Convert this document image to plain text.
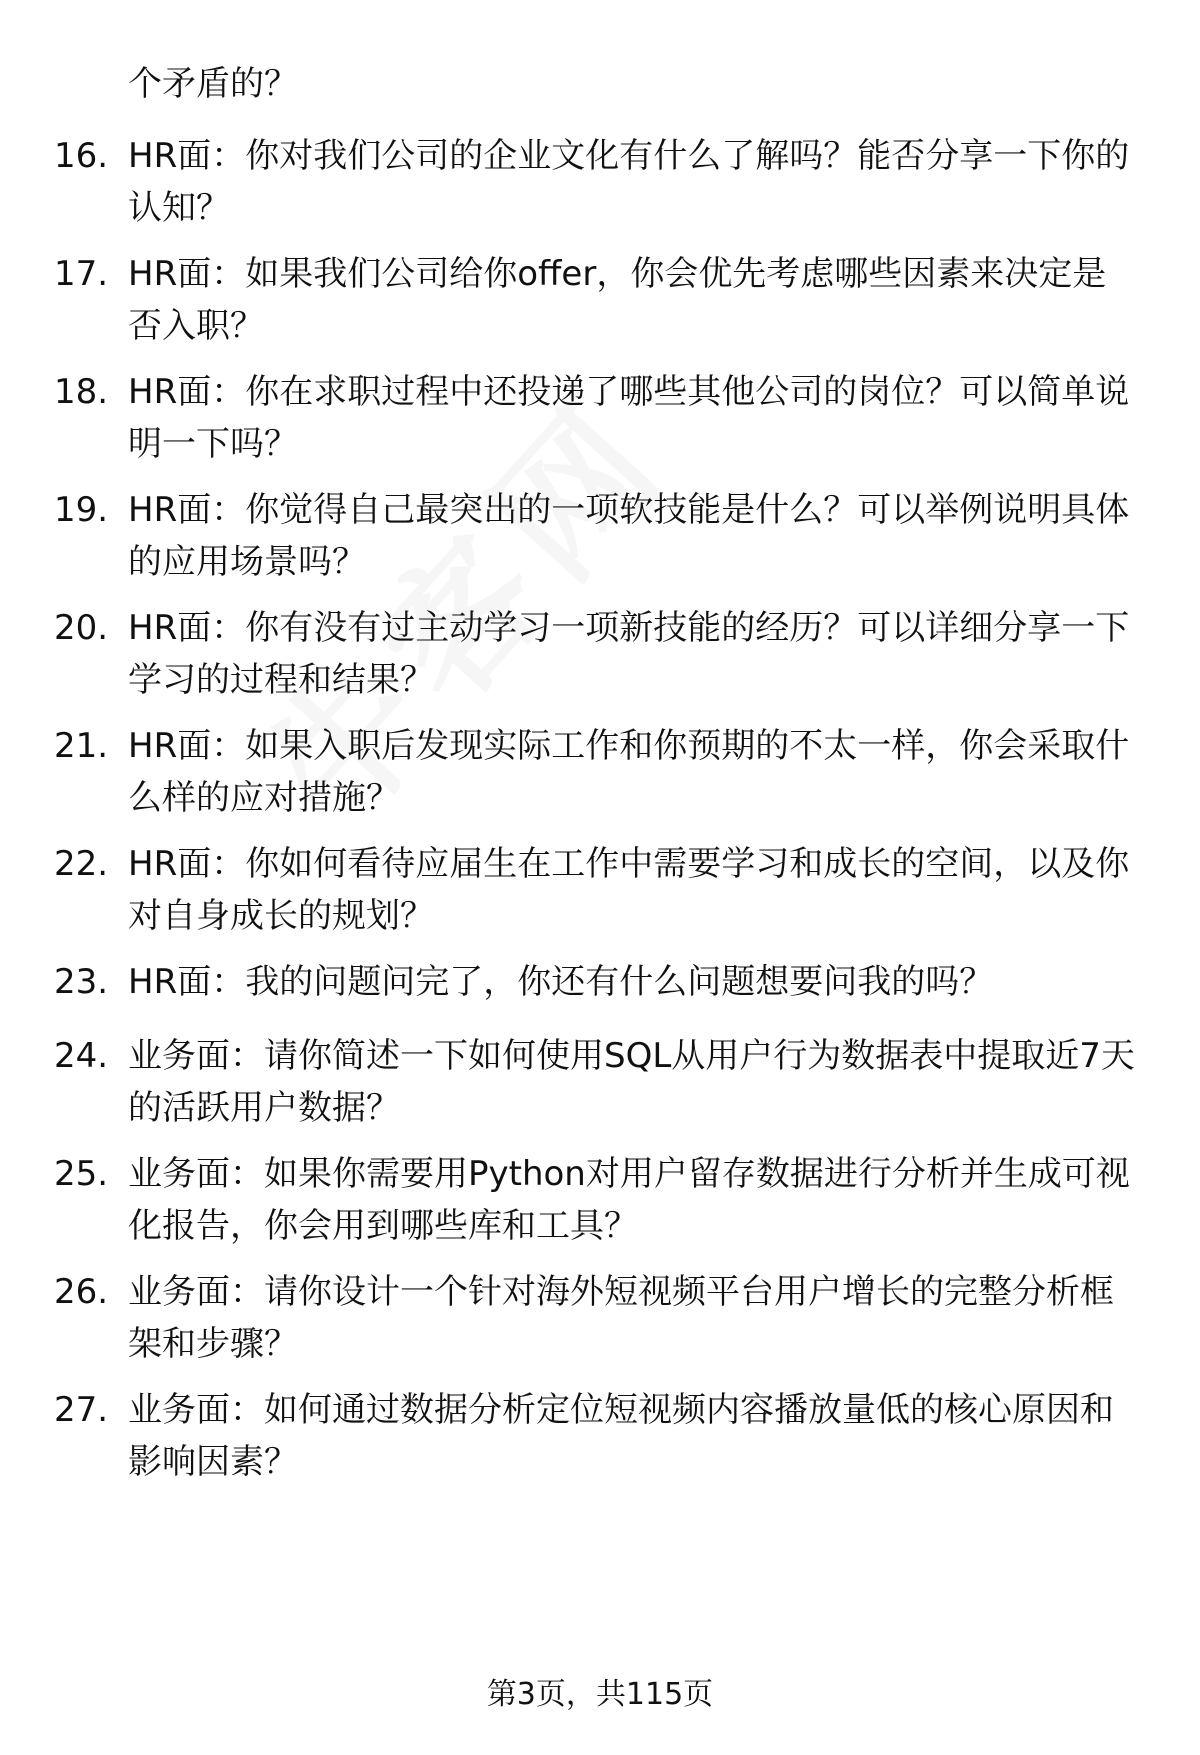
个矛盾的？
16. HR面：你对我们公司的企业文化有什么了解吗？能否分享一下你的认知？
17. HR面：如果我们公司给你offer，你会优先考虑哪些因素来决定是否入职？
18. HR面：你在求职过程中还投递了哪些其他公司的岗位？可以简单说明一下吗？
19. HR面：你觉得自己最突出的一项软技能是什么？可以举例说明具体的应用场景吗？
20. HR面：你有没有过主动学习一项新技能的经历？可以详细分享一下学习的过程和结果？
21. HR面：如果入职后发现实际工作和你预期的不太一样，你会采取什么样的应对措施？
22. HR面：你如何看待应届生在工作中需要学习和成长的空间，以及你对自身成长的规划？
23. HR面：我的问题问完了，你还有什么问题想要问我的吗？
24. 业务面：请你简述一下如何使用SQL从用户行为数据表中提取近7天的活跃用户数据？
25. 业务面：如果你需要用Python对用户留存数据进行分析并生成可视化报告，你会用到哪些库和工具？
26. 业务面：请你设计一个针对海外短视频平台用户增长的完整分析框架和步骤？
27. 业务面：如何通过数据分析定位短视频内容播放量低的核心原因和影响因素？
第3页，共115页
